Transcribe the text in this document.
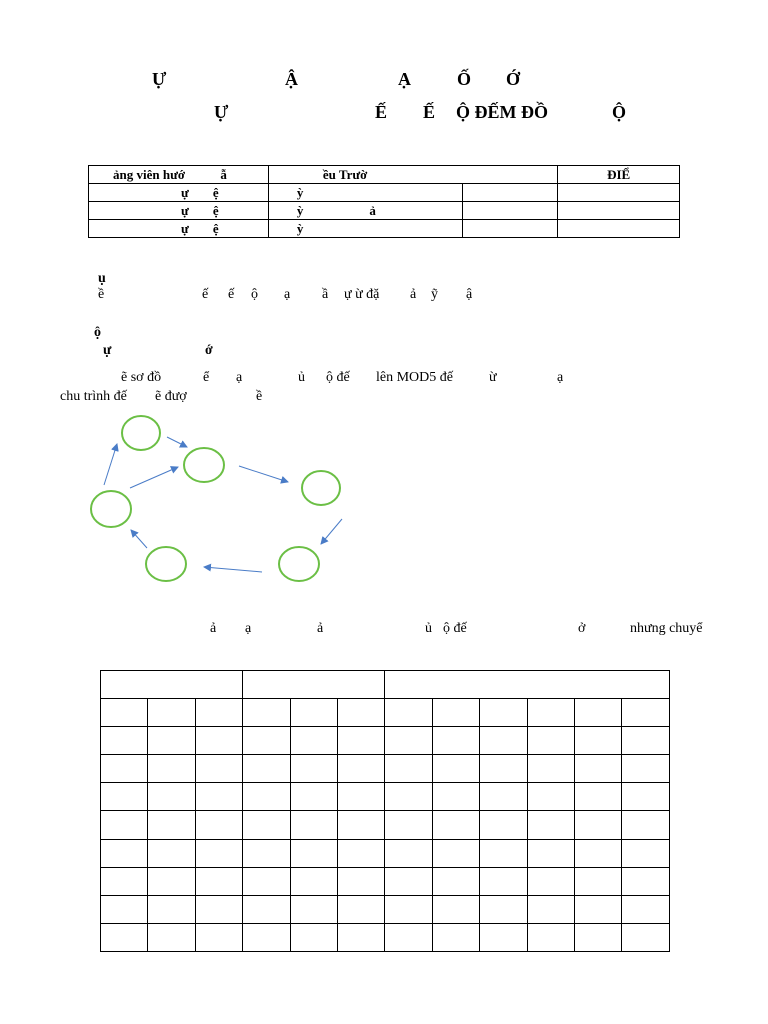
Ự	Ậ	Ạ	Ố Ớ
Ự	Ế Ế Ộ ĐẾM ĐỒ	Ộ
ảng viên hướ ẫ	ều Trườ		ĐIỂ
ự ệ	ỳ		
ự ệ	ỳ ả		
ự ệ	ỳ		
ụ
ề	ế ế ộ ạ ầ ự ừ đặ ả ỹ ậ
ộ
ự	ớ
ẽ sơ đồ	ể ạ	ủ ộ đế lên MOD5 đế	ừ	ạ
chu trình đế ẽ đượ	ề
ả ạ	ả	ủ ộ đế	ở	nhưng chuyể
